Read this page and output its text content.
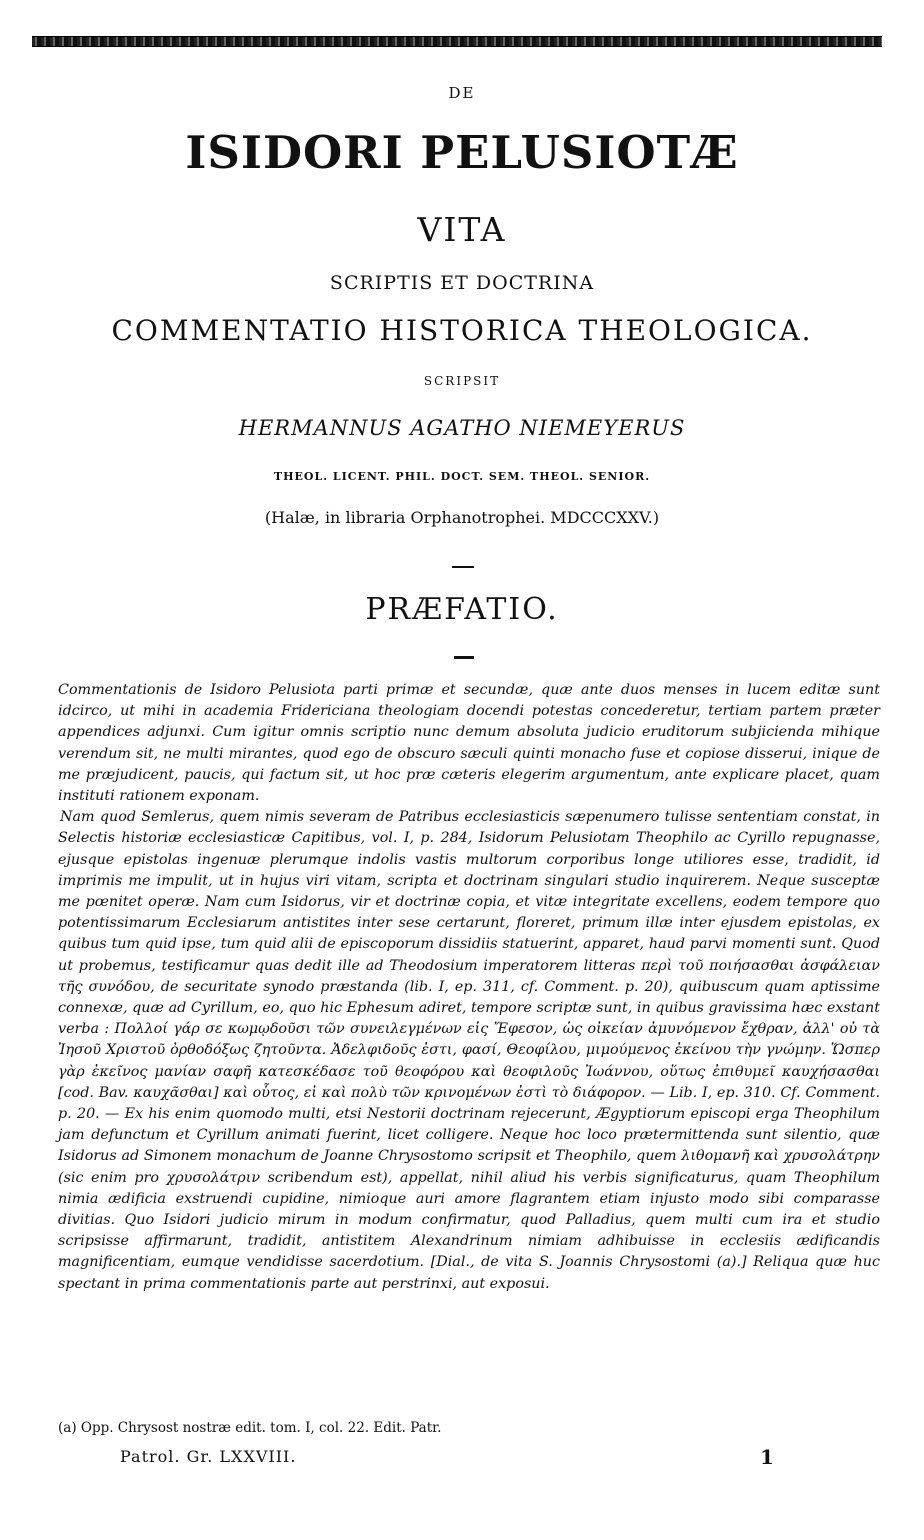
DE

ISIDORI PELUSIOTÆ

VITA

SCRIPTIS ET DOCTRINA

COMMENTATIO HISTORICA THEOLOGICA.

SCRIPSIT

HERMANNUS AGATHO NIEMEYERUS

THEOL. LICENT. PHIL. DOCT. SEM. THEOL. SENIOR.

(Halæ, in libraria Orphanotrophei. MDCCCXXV.)

PRÆFATIO.

Commentationis de Isidoro Pelusiota parti primæ et secundæ, quæ ante duos menses in lucem editæ sunt idcirco, ut mihi in academia Fridericiana theologiam docendi potestas concederetur, tertiam partem præter appendices adjunxi. Cum igitur omnis scriptio nunc demum absoluta judicio eruditorum subjicienda mihique verendum sit, ne multi mirantes, quod ego de obscuro sæculi quinti monacho fuse et copiose disserui, inique de me præjudicent, paucis, qui factum sit, ut hoc præ cæteris elegerim argumentum, ante explicare placet, quam instituti rationem exponam.

Nam quod Semlerus, quem nimis severam de Patribus ecclesiasticis sæpenumero tulisse sententiam constat, in Selectis historiæ ecclesiasticæ Capitibus, vol. I, p. 284, Isidorum Pelusiotam Theophilo ac Cyrillo repugnasse, ejusque epistolas ingenuæ plerumque indolis vastis multorum corporibus longe utiliores esse, tradidit, id imprimis me impulit, ut in hujus viri vitam, scripta et doctrinam singulari studio inquirerem. Neque susceptæ me pœnitet operæ. Nam cum Isidorus, vir et doctrinæ copia, et vitæ integritate excellens, eodem tempore quo potentissimarum Ecclesiarum antistites inter sese certarunt, floreret, primum illæ inter ejusdem epistolas, ex quibus tum quid ipse, tum quid alii de episcoporum dissidiis statuerint, apparet, haud parvi momenti sunt. Quod ut probemus, testificamur quas dedit ille ad Theodosium imperatorem litteras περὶ τοῦ ποιήσασθαι ἀσφάλειαν τῆς συνόδου, de securitate synodo præstanda (lib. I, ep. 311, cf. Comment. p. 20), quibuscum quam aptissime connexæ, quæ ad Cyrillum, eo, quo hic Ephesum adiret, tempore scriptæ sunt, in quibus gravissima hæc exstant verba : Πολλοί γάρ σε κωμῳδοῦσι τῶν συνειλεγμένων εἰς Ἔφεσον, ὡς οἰκείαν ἀμυνόμενον ἔχθραν, ἀλλ' οὐ τὰ Ἰησοῦ Χριστοῦ ὀρθοδόξως ζητοῦντα. Ἀδελφιδοῦς ἐστι, φασί, Θεοφίλου, μιμούμενος ἐκείνου τὴν γνώμην. Ὥσπερ γὰρ ἐκεῖνος μανίαν σαφῆ κατεσκέδασε τοῦ θεοφόρου καὶ θεοφιλοῦς Ἰωάννου, οὕτως ἐπιθυμεῖ καυχήσασθαι [cod. Bav. καυχᾶσθαι] καὶ οὗτος, εἰ καὶ πολὺ τῶν κρινομένων ἐστὶ τὸ διάφορον. — Lib. I, ep. 310. Cf. Comment. p. 20. — Ex his enim quomodo multi, etsi Nestorii doctrinam rejecerunt, Ægyptiorum episcopi erga Theophilum jam defunctum et Cyrillum animati fuerint, licet colligere. Neque hoc loco prætermittenda sunt silentio, quæ Isidorus ad Simonem monachum de Joanne Chrysostomo scripsit et Theophilo, quem λιθομανῆ καὶ χρυσολάτρην (sic enim pro χρυσολάτριν scribendum est), appellat, nihil aliud his verbis significaturus, quam Theophilum nimia ædificia exstruendi cupidine, nimioque auri amore flagrantem etiam injusto modo sibi comparasse divitias. Quo Isidori judicio mirum in modum confirmatur, quod Palladius, quem multi cum ira et studio scripsisse affirmarunt, tradidit, antistitem Alexandrinum nimiam adhibuisse in ecclesiis ædificandis magnificentiam, eumque vendidisse sacerdotium. [Dial., de vita S. Joannis Chrysostomi (a).] Reliqua quæ huc spectant in prima commentationis parte aut perstrinxi, aut exposui.

(a) Opp. Chrysost nostræ edit. tom. I, col. 22. Edit. Patr.
Patrol. Gr. LXXVIII.	1
